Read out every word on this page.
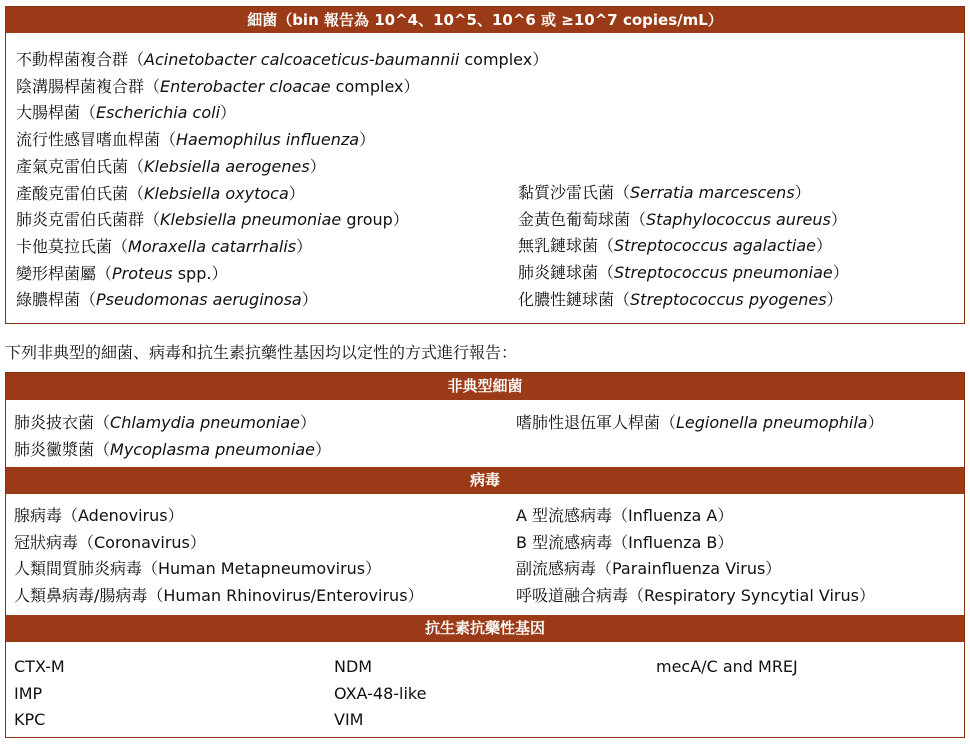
細菌（bin 報告為 10^4、10^5、10^6 或 ≥10^7 copies/mL）
不動桿菌複合群（Acinetobacter calcoaceticus-baumannii complex）
陰溝腸桿菌複合群（Enterobacter cloacae complex）
大腸桿菌（Escherichia coli）
流行性感冒嗜血桿菌（Haemophilus influenza）
產氣克雷伯氏菌（Klebsiella aerogenes）
產酸克雷伯氏菌（Klebsiella oxytoca）
肺炎克雷伯氏菌群（Klebsiella pneumoniae group）
卡他莫拉氏菌（Moraxella catarrhalis）
變形桿菌屬（Proteus spp.）
綠膿桿菌（Pseudomonas aeruginosa）
黏質沙雷氏菌（Serratia marcescens）
金黃色葡萄球菌（Staphylococcus aureus）
無乳鏈球菌（Streptococcus agalactiae）
肺炎鏈球菌（Streptococcus pneumoniae）
化膿性鏈球菌（Streptococcus pyogenes）
下列非典型的細菌、病毒和抗生素抗藥性基因均以定性的方式進行報告：
非典型細菌
肺炎披衣菌（Chlamydia pneumoniae）
肺炎黴漿菌（Mycoplasma pneumoniae）
嗜肺性退伍軍人桿菌（Legionella pneumophila）
病毒
腺病毒（Adenovirus）
冠狀病毒（Coronavirus）
人類間質肺炎病毒（Human Metapneumovirus）
人類鼻病毒/腸病毒（Human Rhinovirus/Enterovirus）
A 型流感病毒（Influenza A）
B 型流感病毒（Influenza B）
副流感病毒（Parainfluenza Virus）
呼吸道融合病毒（Respiratory Syncytial Virus）
抗生素抗藥性基因
CTX-M
IMP
KPC
NDM
OXA-48-like
VIM
mecA/C and MREJ
